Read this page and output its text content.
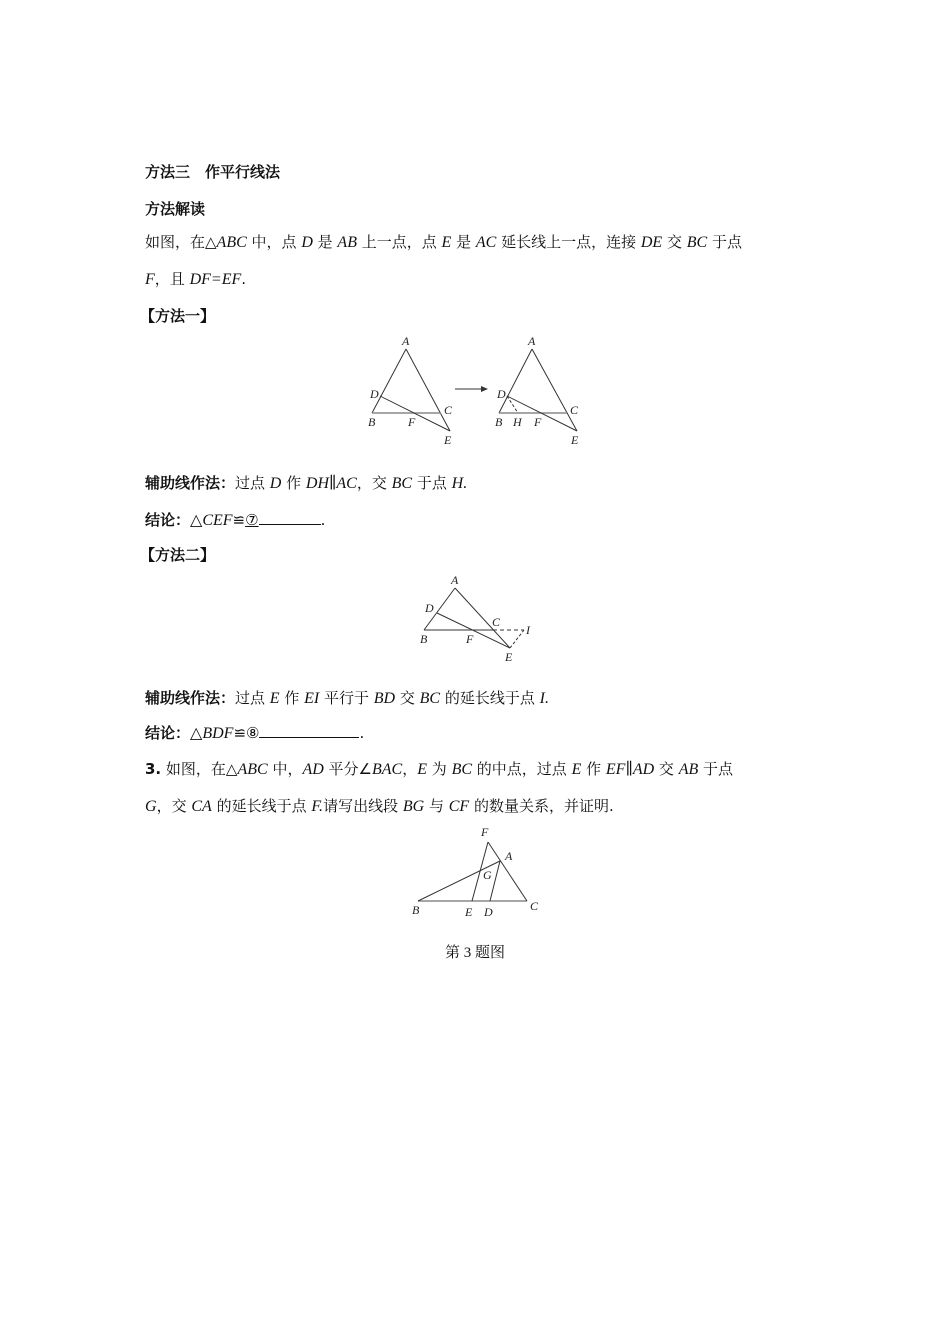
方法三　作平行线法
方法解读
如图，在△ABC 中，点 D 是 AB 上一点，点 E 是 AC 延长线上一点，连接 DE 交 BC 于点
F，且 DF=EF.
【方法一】
A
D
C
B	F
E
A
D
C
B H F
E
辅助线作法：过点 D 作 DH∥AC，交 BC 于点 H.
结论：△CEF≌⑦	.
【方法二】
A
D
C
I
B	F
E
辅助线作法：过点 E 作 EI 平行于 BD 交 BC 的延长线于点 I.
结论：△BDF≌⑧	.
3. 如图，在△ABC 中，AD 平分∠BAC，E 为 BC 的中点，过点 E 作 EF∥AD 交 AB 于点
G，交 CA 的延长线于点 F.请写出线段 BG 与 CF 的数量关系，并证明.
F
A
G
B	E D	C
第 3 题图
